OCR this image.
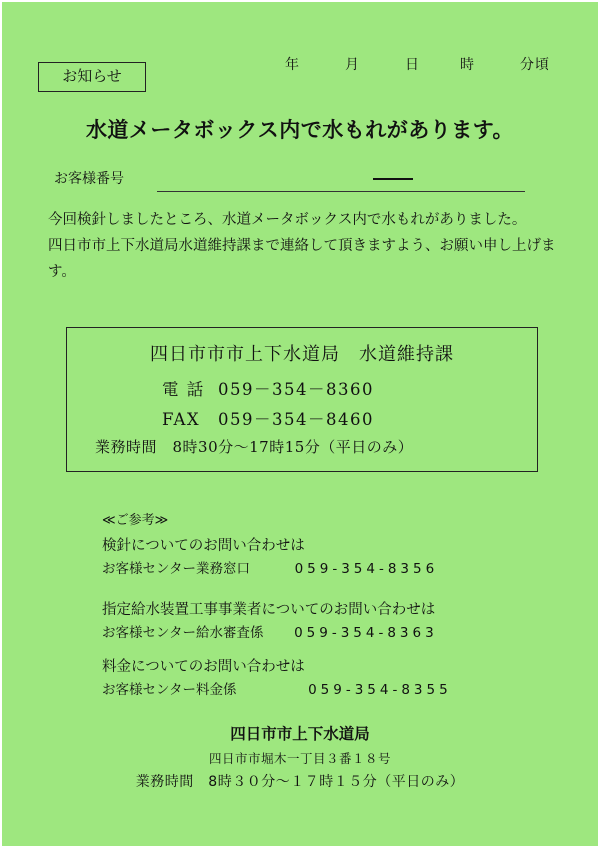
お知らせ
年	月	日	時	分頃
水道メータボックス内で水もれがあります。
お客様番号

今回検針しましたところ、水道メータボックス内で水もれがありました。

四日市市上下水道局水道維持課まで連絡して頂きますよう、お願い申し上げます。

四日市市市上下水道局　水道維持課
電 話 059－354－8360
FAX 059－354－8460
業務時間　8時30分～17時15分（平日のみ）
≪ご参考≫

検針についてのお問い合わせは

お客様センター業務窓口	059-354-8356

指定給水装置工事事業者についてのお問い合わせは

お客様センター給水審査係 059-354-8363

料金についてのお問い合わせは

お客様センター料金係	059-354-8355

四日市市上下水道局

四日市市堀木一丁目３番１８号

業務時間　8時３０分～１７時１５分（平日のみ）
